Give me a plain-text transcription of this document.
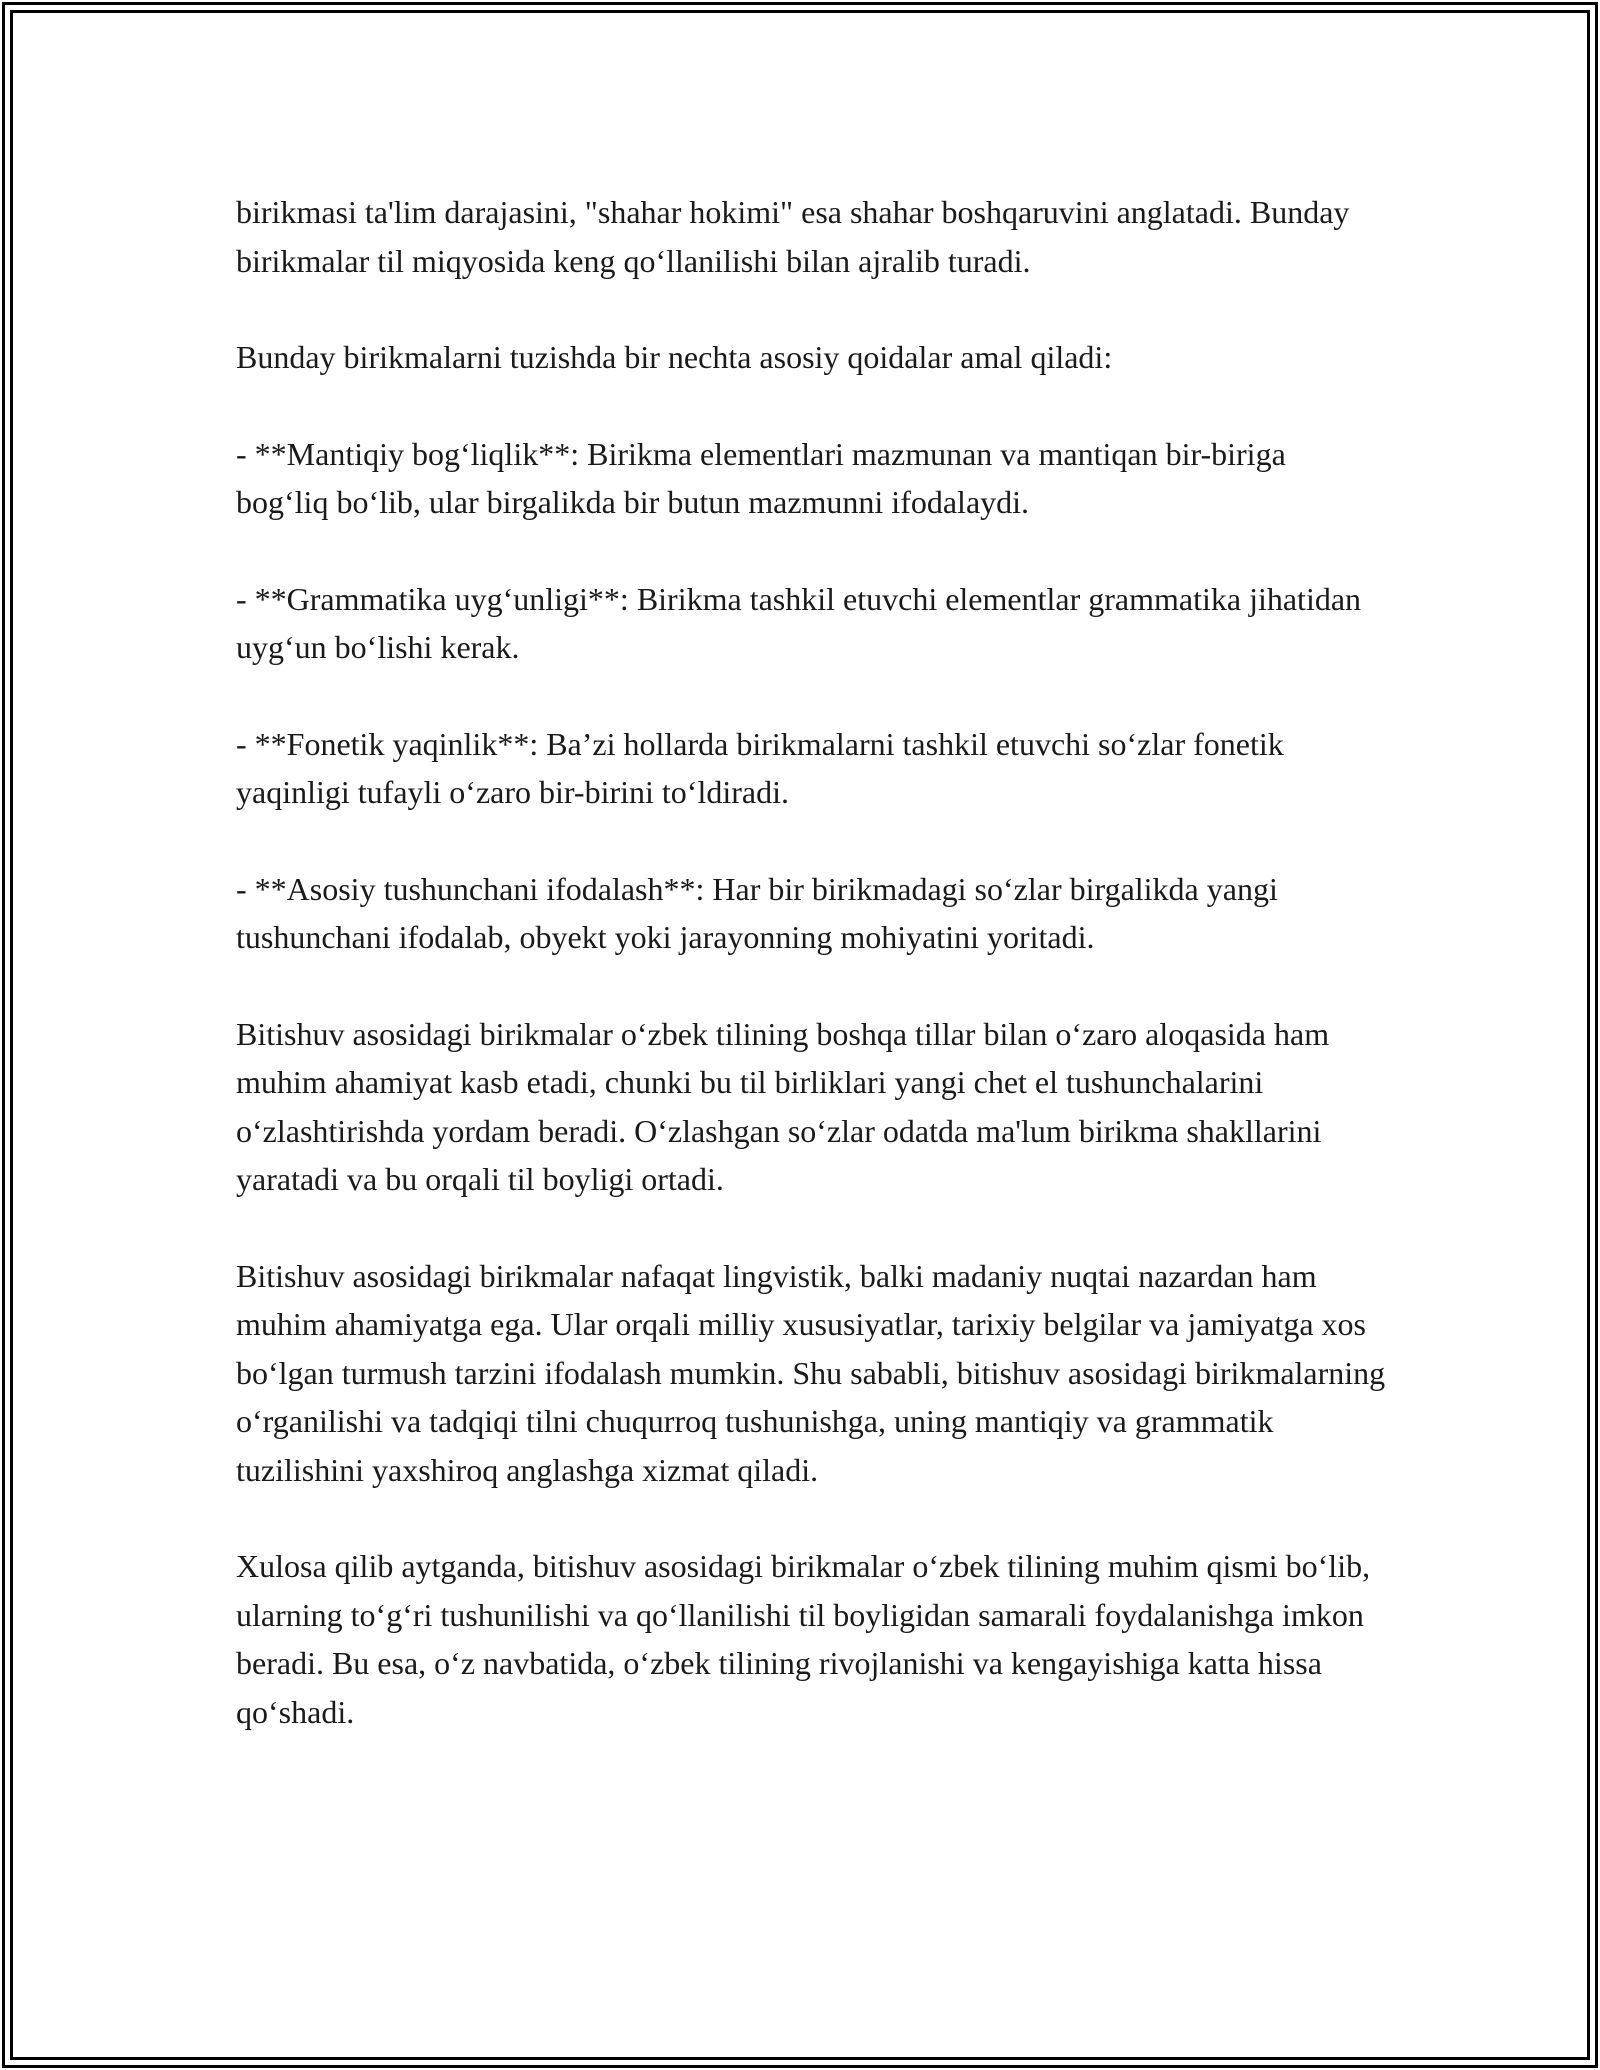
birikmasi ta'lim darajasini, "shahar hokimi" esa shahar boshqaruvini anglatadi. Bunday birikmalar til miqyosida keng qo‘llanilishi bilan ajralib turadi.

Bunday birikmalarni tuzishda bir nechta asosiy qoidalar amal qiladi:

- **Mantiqiy bog‘liqlik**: Birikma elementlari mazmunan va mantiqan bir-biriga bog‘liq bo‘lib, ular birgalikda bir butun mazmunni ifodalaydi.

- **Grammatika uyg‘unligi**: Birikma tashkil etuvchi elementlar grammatika jihatidan uyg‘un bo‘lishi kerak.

- **Fonetik yaqinlik**: Ba’zi hollarda birikmalarni tashkil etuvchi so‘zlar fonetik yaqinligi tufayli o‘zaro bir-birini to‘ldiradi.

- **Asosiy tushunchani ifodalash**: Har bir birikmadagi so‘zlar birgalikda yangi tushunchani ifodalab, obyekt yoki jarayonning mohiyatini yoritadi.

Bitishuv asosidagi birikmalar o‘zbek tilining boshqa tillar bilan o‘zaro aloqasida ham muhim ahamiyat kasb etadi, chunki bu til birliklari yangi chet el tushunchalarini o‘zlashtirishda yordam beradi. O‘zlashgan so‘zlar odatda ma'lum birikma shakllarini yaratadi va bu orqali til boyligi ortadi.

Bitishuv asosidagi birikmalar nafaqat lingvistik, balki madaniy nuqtai nazardan ham muhim ahamiyatga ega. Ular orqali milliy xususiyatlar, tarixiy belgilar va jamiyatga xos bo‘lgan turmush tarzini ifodalash mumkin. Shu sababli, bitishuv asosidagi birikmalarning o‘rganilishi va tadqiqi tilni chuqurroq tushunishga, uning mantiqiy va grammatik tuzilishini yaxshiroq anglashga xizmat qiladi.

Xulosa qilib aytganda, bitishuv asosidagi birikmalar o‘zbek tilining muhim qismi bo‘lib, ularning to‘g‘ri tushunilishi va qo‘llanilishi til boyligidan samarali foydalanishga imkon beradi. Bu esa, o‘z navbatida, o‘zbek tilining rivojlanishi va kengayishiga katta hissa qo‘shadi.
